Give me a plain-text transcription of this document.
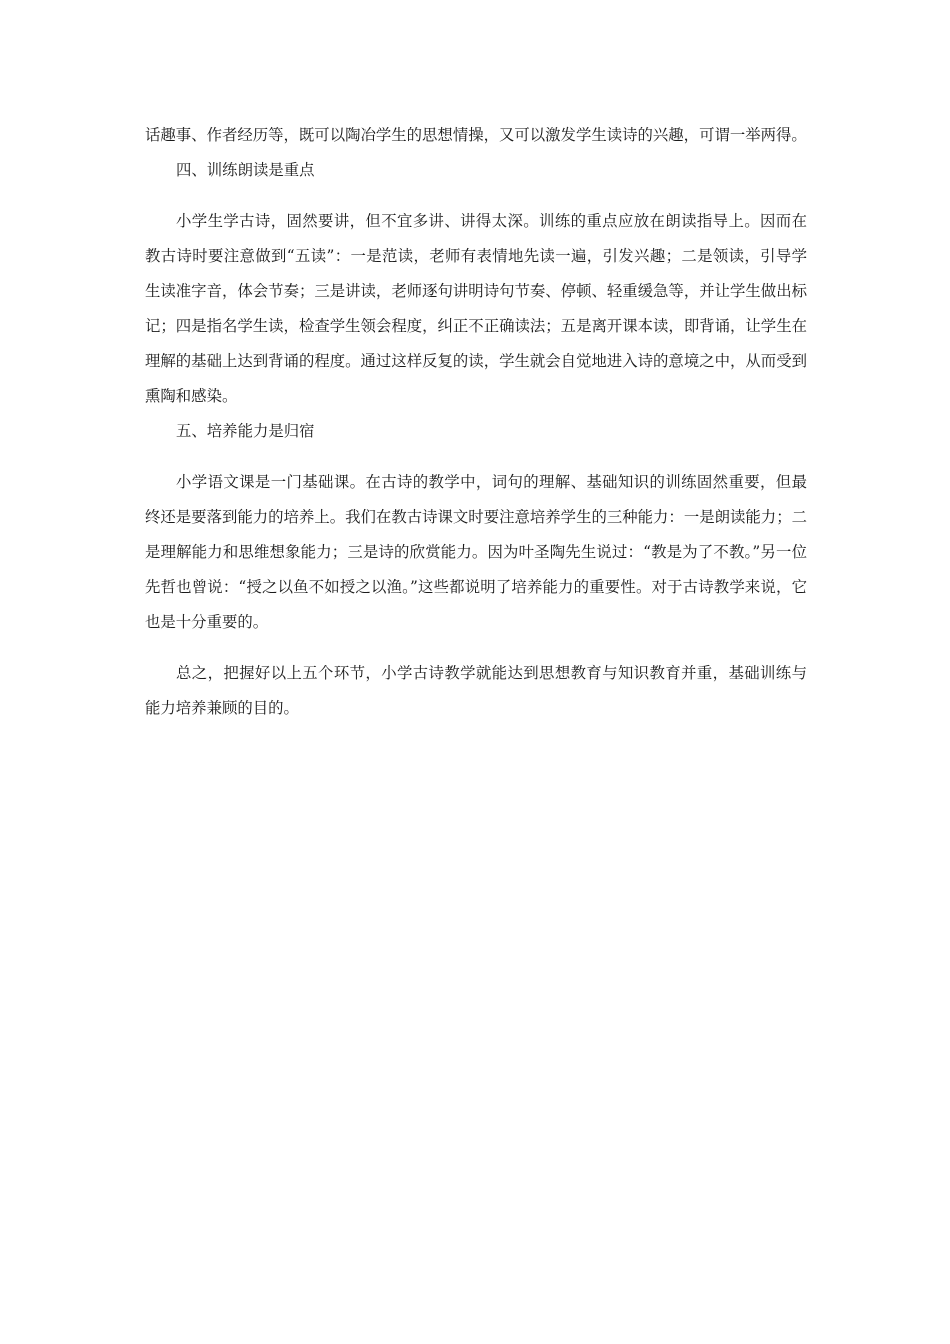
话趣事、作者经历等，既可以陶冶学生的思想情操，又可以激发学生读诗的兴趣，可谓一举两得。

四、训练朗读是重点

小学生学古诗，固然要讲，但不宜多讲、讲得太深。训练的重点应放在朗读指导上。因而在教古诗时要注意做到“五读”：一是范读，老师有表情地先读一遍，引发兴趣；二是领读，引导学生读准字音，体会节奏；三是讲读，老师逐句讲明诗句节奏、停顿、轻重缓急等，并让学生做出标记；四是指名学生读，检查学生领会程度，纠正不正确读法；五是离开课本读，即背诵，让学生在理解的基础上达到背诵的程度。通过这样反复的读，学生就会自觉地进入诗的意境之中，从而受到熏陶和感染。

五、培养能力是归宿

小学语文课是一门基础课。在古诗的教学中，词句的理解、基础知识的训练固然重要，但最终还是要落到能力的培养上。我们在教古诗课文时要注意培养学生的三种能力：一是朗读能力；二是理解能力和思维想象能力；三是诗的欣赏能力。因为叶圣陶先生说过：“教是为了不教。”另一位先哲也曾说：“授之以鱼不如授之以渔。”这些都说明了培养能力的重要性。对于古诗教学来说，它也是十分重要的。

总之，把握好以上五个环节，小学古诗教学就能达到思想教育与知识教育并重，基础训练与能力培养兼顾的目的。
